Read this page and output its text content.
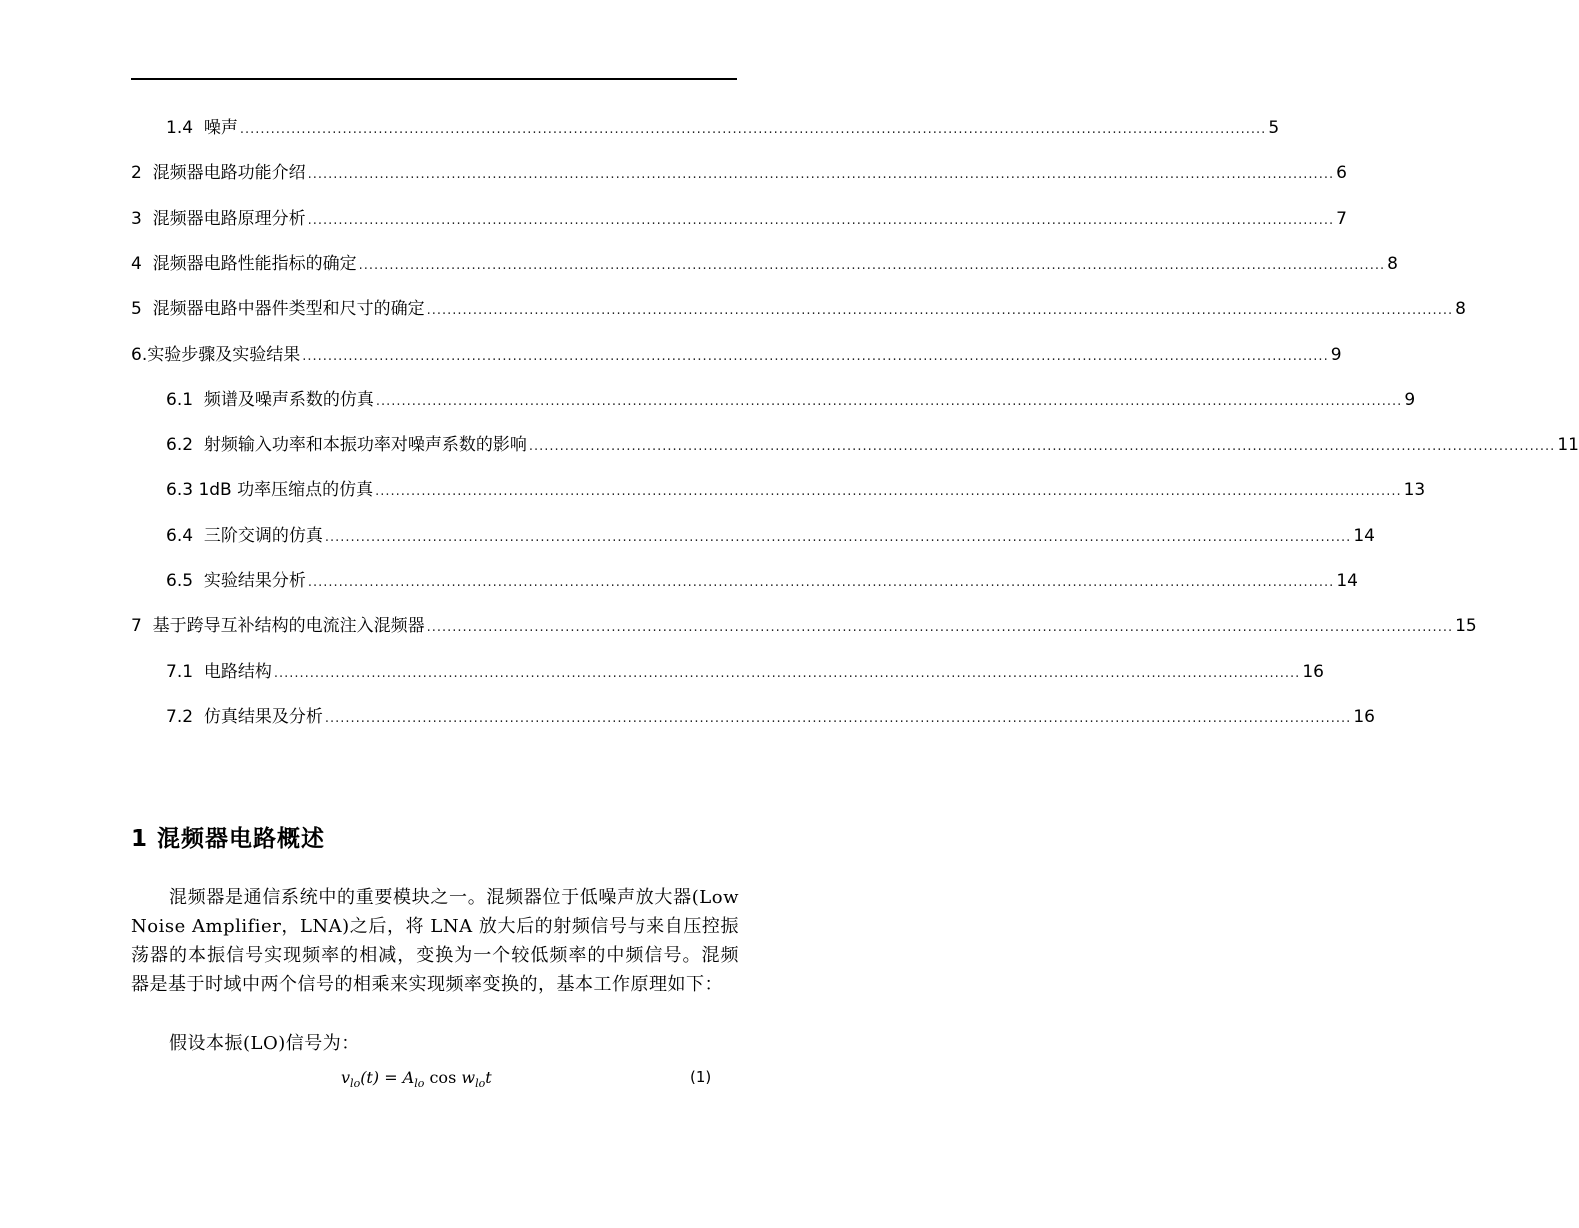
1.4  噪声 ........................................................................................................................................................................................................ 5
2  混频器电路功能介绍 ........................................................................................................................................................................................................ 6
3  混频器电路原理分析 ........................................................................................................................................................................................................ 7
4  混频器电路性能指标的确定 ........................................................................................................................................................................................................ 8
5  混频器电路中器件类型和尺寸的确定 ........................................................................................................................................................................................................ 8
6.实验步骤及实验结果 ........................................................................................................................................................................................................ 9
6.1  频谱及噪声系数的仿真 ........................................................................................................................................................................................................ 9
6.2  射频输入功率和本振功率对噪声系数的影响 ........................................................................................................................................................................................................ 11
6.3 1dB 功率压缩点的仿真 ........................................................................................................................................................................................................ 13
6.4  三阶交调的仿真 ........................................................................................................................................................................................................ 14
6.5  实验结果分析 ........................................................................................................................................................................................................ 14
7  基于跨导互补结构的电流注入混频器 ........................................................................................................................................................................................................ 15
7.1  电路结构 ........................................................................................................................................................................................................ 16
7.2  仿真结果及分析 ........................................................................................................................................................................................................ 16
1 混频器电路概述
混频器是通信系统中的重要模块之一。混频器位于低噪声放大器(Low Noise Amplifier，LNA)之后，将 LNA 放大后的射频信号与来自压控振荡器的本振信号实现频率的相减，变换为一个较低频率的中频信号。混频器是基于时域中两个信号的相乘来实现频率变换的，基本工作原理如下：
假设本振(LO)信号为：
$v_{lo}(t) = A_{lo}$ $\cos w_{lo}t$	(1)
